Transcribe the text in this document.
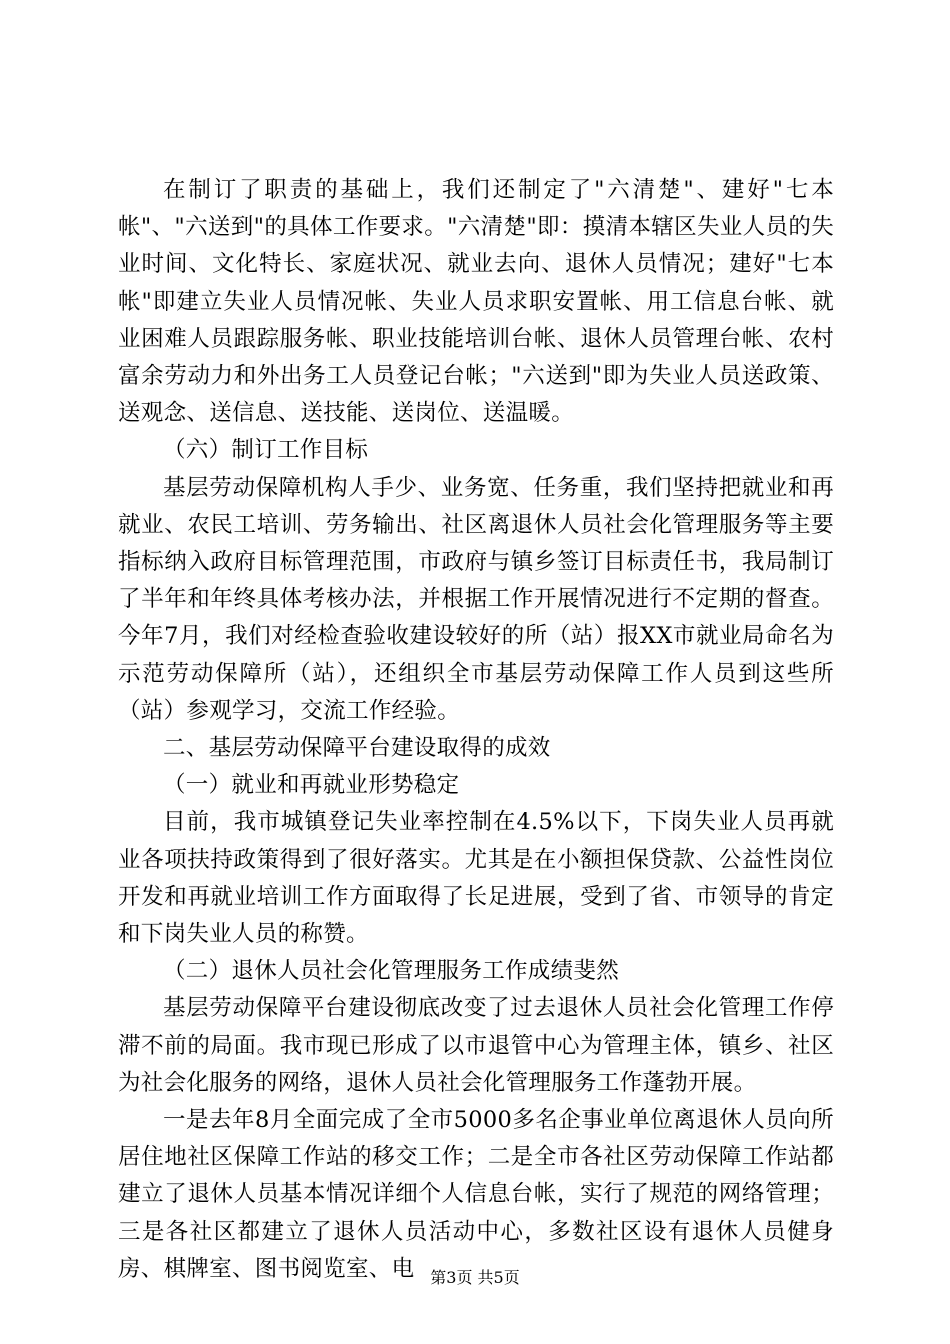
在制订了职责的基础上，我们还制定了"六清楚"、建好"七本帐"、"六送到"的具体工作要求。"六清楚"即：摸清本辖区失业人员的失业时间、文化特长、家庭状况、就业去向、退休人员情况；建好"七本帐"即建立失业人员情况帐、失业人员求职安置帐、用工信息台帐、就业困难人员跟踪服务帐、职业技能培训台帐、退休人员管理台帐、农村富余劳动力和外出务工人员登记台帐；"六送到"即为失业人员送政策、送观念、送信息、送技能、送岗位、送温暖。

（六）制订工作目标

基层劳动保障机构人手少、业务宽、任务重，我们坚持把就业和再就业、农民工培训、劳务输出、社区离退休人员社会化管理服务等主要指标纳入政府目标管理范围，市政府与镇乡签订目标责任书，我局制订了半年和年终具体考核办法，并根据工作开展情况进行不定期的督查。今年7月，我们对经检查验收建设较好的所（站）报XX市就业局命名为示范劳动保障所（站），还组织全市基层劳动保障工作人员到这些所（站）参观学习，交流工作经验。

二、基层劳动保障平台建设取得的成效

（一）就业和再就业形势稳定

目前，我市城镇登记失业率控制在4.5%以下，下岗失业人员再就业各项扶持政策得到了很好落实。尤其是在小额担保贷款、公益性岗位开发和再就业培训工作方面取得了长足进展，受到了省、市领导的肯定和下岗失业人员的称赞。

（二）退休人员社会化管理服务工作成绩斐然

基层劳动保障平台建设彻底改变了过去退休人员社会化管理工作停滞不前的局面。我市现已形成了以市退管中心为管理主体，镇乡、社区为社会化服务的网络，退休人员社会化管理服务工作蓬勃开展。

一是去年8月全面完成了全市5000多名企事业单位离退休人员向所居住地社区保障工作站的移交工作；二是全市各社区劳动保障工作站都建立了退休人员基本情况详细个人信息台帐，实行了规范的网络管理；三是各社区都建立了退休人员活动中心，多数社区设有退休人员健身房、棋牌室、图书阅览室、电 第3页 共5页
